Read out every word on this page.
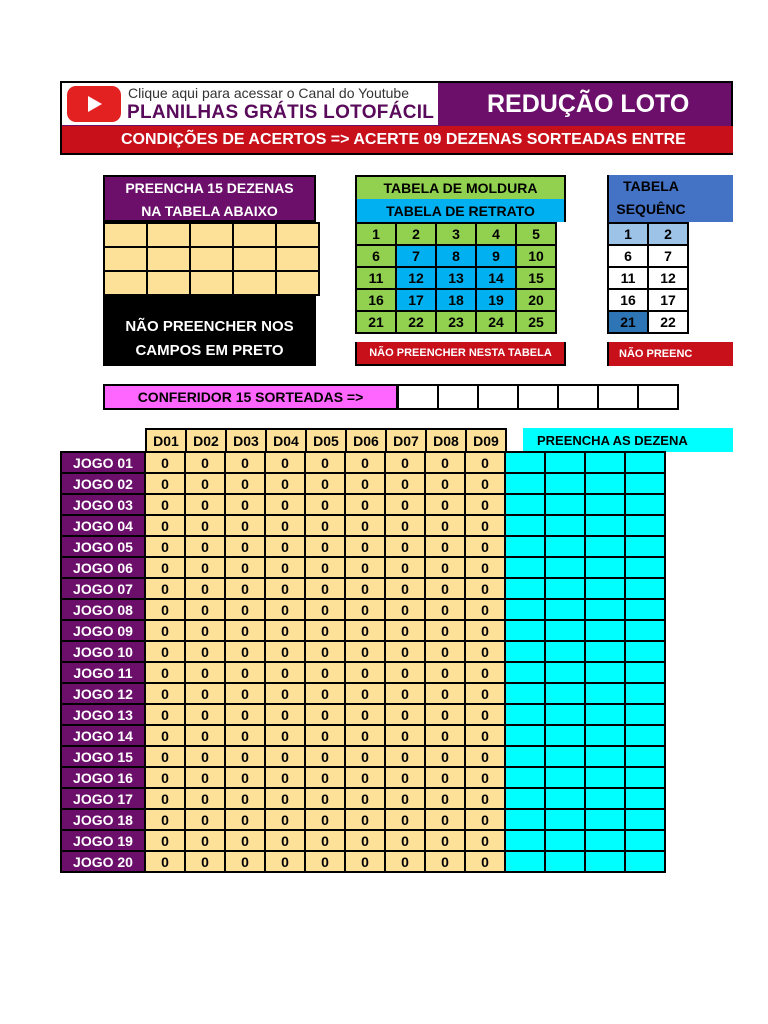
Clique aqui para acessar o Canal do Youtube
PLANILHAS GRÁTIS LOTOFÁCIL	REDUÇÃO LOTO
CONDIÇÕES DE ACERTOS => ACERTE 09 DEZENAS SORTEADAS ENTRE
PREENCHA 15 DEZENAS
NA TABELA ABAIXO

NÃO PREENCHER NOS
CAMPOS EM PRETO
TABELA DE MOLDURA
TABELA DE RETRATO
1	2	3	4	5
6	7	8	9	10
11	12	13	14	15
16	17	18	19	20
21	22	23	24	25
NÃO PREENCHER NESTA TABELA
TABELA
SEQUÊNC
1	2
6	7
11	12
16	17
21	22
NÃO PREENC
CONFERIDOR 15 SORTEADAS =>

D01	D02	D03	D04	D05	D06	D07	D08	D09	PREENCHA AS DEZENA
JOGO 01	0	0	0	0	0	0	0	0	0				
JOGO 02	0	0	0	0	0	0	0	0	0				
JOGO 03	0	0	0	0	0	0	0	0	0				
JOGO 04	0	0	0	0	0	0	0	0	0				
JOGO 05	0	0	0	0	0	0	0	0	0				
JOGO 06	0	0	0	0	0	0	0	0	0				
JOGO 07	0	0	0	0	0	0	0	0	0				
JOGO 08	0	0	0	0	0	0	0	0	0				
JOGO 09	0	0	0	0	0	0	0	0	0				
JOGO 10	0	0	0	0	0	0	0	0	0				
JOGO 11	0	0	0	0	0	0	0	0	0				
JOGO 12	0	0	0	0	0	0	0	0	0				
JOGO 13	0	0	0	0	0	0	0	0	0				
JOGO 14	0	0	0	0	0	0	0	0	0				
JOGO 15	0	0	0	0	0	0	0	0	0				
JOGO 16	0	0	0	0	0	0	0	0	0				
JOGO 17	0	0	0	0	0	0	0	0	0				
JOGO 18	0	0	0	0	0	0	0	0	0				
JOGO 19	0	0	0	0	0	0	0	0	0				
JOGO 20	0	0	0	0	0	0	0	0	0				
